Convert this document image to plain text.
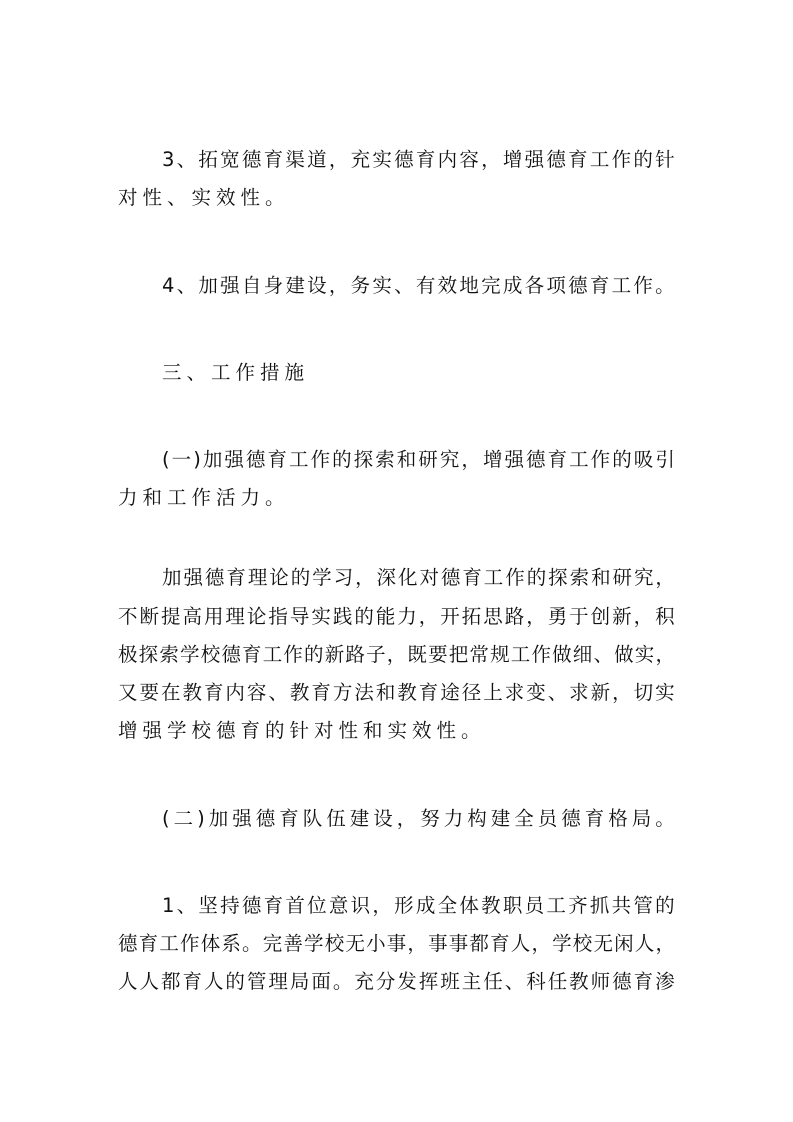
3 、 拓 宽 德 育 渠 道 ， 充 实 德 育 内 容 ， 增 强 德 育 工 作 的 针
对性、实效性。
4 、 加 强 自 身 建 设 ， 务 实 、 有 效 地 完 成 各 项 德 育 工 作 。
三、工作措施
( 一 ) 加 强 德 育 工 作 的 探 索 和 研 究 ， 增 强 德 育 工 作 的 吸 引
力和工作活力。
加 强 德 育 理 论 的 学 习 ， 深 化 对 德 育 工 作 的 探 索 和 研 究 ，
不 断 提 高 用 理 论 指 导 实 践 的 能 力 ， 开 拓 思 路 ， 勇 于 创 新 ， 积
极 探 索 学 校 德 育 工 作 的 新 路 子 ， 既 要 把 常 规 工 作 做 细 、 做 实 ，
又 要 在 教 育 内 容 、 教 育 方 法 和 教 育 途 径 上 求 变 、 求 新 ， 切 实
增强学校德育的针对性和实效性。
(二)加强德育队伍建设，努力构建全员德育格局。
1 、 坚 持 德 育 首 位 意 识 ， 形 成 全 体 教 职 员 工 齐 抓 共 管 的
德 育 工 作 体 系 。 完 善 学 校 无 小 事 ， 事 事 都 育 人 ， 学 校 无 闲 人 ，
人 人 都 育 人 的 管 理 局 面 。 充 分 发 挥 班 主 任 、 科 任 教 师 德 育 渗
